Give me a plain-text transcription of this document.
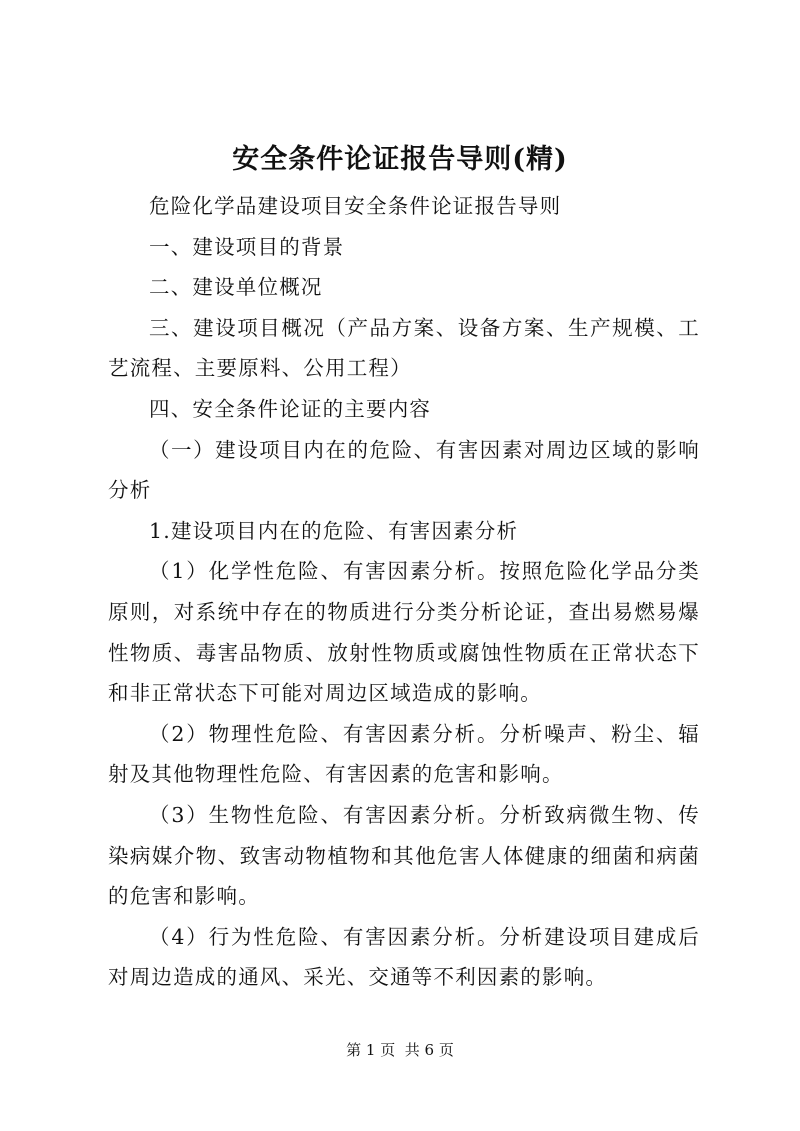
安全条件论证报告导则(精)

危险化学品建设项目安全条件论证报告导则

一、建设项目的背景

二、建设单位概况

三、建设项目概况（产品方案、设备方案、生产规模、工艺流程、主要原料、公用工程）

四、安全条件论证的主要内容

（一）建设项目内在的危险、有害因素对周边区域的影响分析

1.建设项目内在的危险、有害因素分析

（1）化学性危险、有害因素分析。按照危险化学品分类原则，对系统中存在的物质进行分类分析论证，查出易燃易爆性物质、毒害品物质、放射性物质或腐蚀性物质在正常状态下和非正常状态下可能对周边区域造成的影响。

（2）物理性危险、有害因素分析。分析噪声、粉尘、辐射及其他物理性危险、有害因素的危害和影响。

（3）生物性危险、有害因素分析。分析致病微生物、传染病媒介物、致害动物植物和其他危害人体健康的细菌和病菌的危害和影响。

（4）行为性危险、有害因素分析。分析建设项目建成后对周边造成的通风、采光、交通等不利因素的影响。

第 1 页  共 6 页
